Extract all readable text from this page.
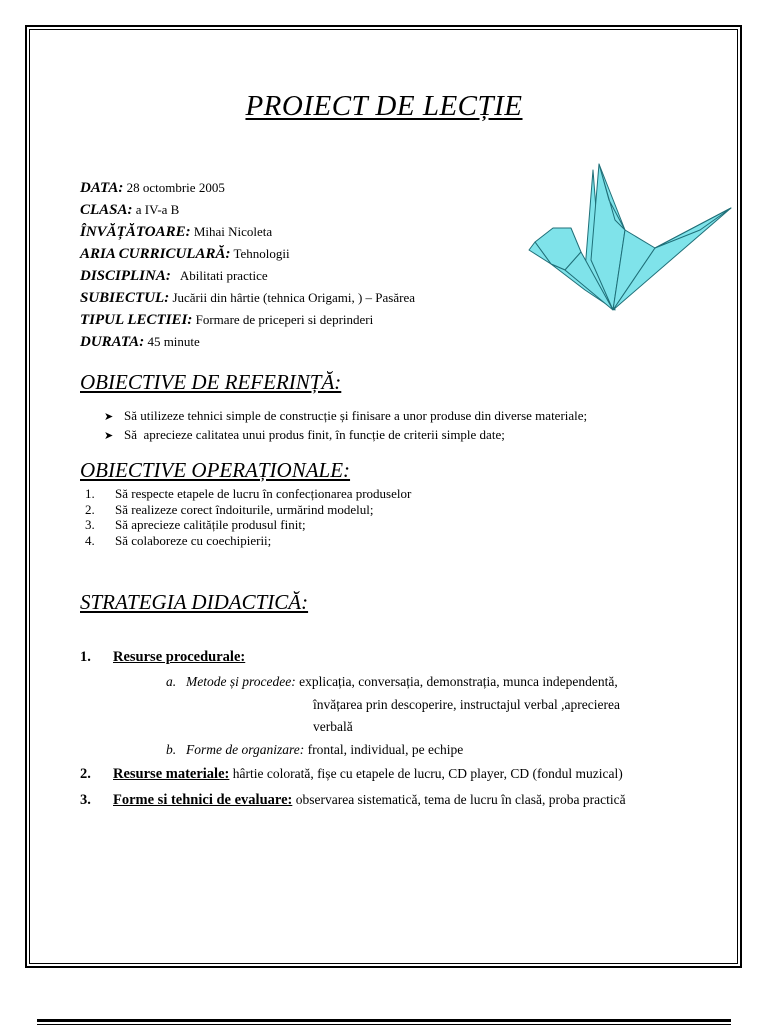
PROIECT DE LECȚIE
DATA: 28 octombrie 2005
CLASA: a IV-a B
ÎNVĂȚĂTOARE: Mihai Nicoleta
ARIA CURRICULARĂ: Tehnologii
DISCIPLINA:   Abilitati practice
SUBIECTUL: Jucării din hârtie (tehnica Origami, ) – Pasărea
TIPUL LECTIEI: Formare de priceperi si deprinderi
DURATA: 45 minute
OBIECTIVE DE REFERINȚĂ:
➤ Să utilizeze tehnici simple de construcție și finisare a unor produse din diverse materiale;
➤ Să  aprecieze calitatea unui produs finit, în funcție de criterii simple date;
OBIECTIVE OPERAȚIONALE:
1. Să respecte etapele de lucru în confecționarea produselor
2. Să realizeze corect îndoiturile, urmărind modelul;
3. Să aprecieze calitățile produsul finit;
4. Să colaboreze cu coechipierii;
STRATEGIA DIDACTICĂ:
1. Resurse procedurale:
a. Metode și procedee: explicația, conversația, demonstrația, munca independentă,
învățarea prin descoperire, instructajul verbal ,aprecierea
verbală
b. Forme de organizare: frontal, individual, pe echipe
2. Resurse materiale: hârtie colorată, fișe cu etapele de lucru, CD player, CD (fondul muzical)
3. Forme si tehnici de evaluare: observarea sistematică, tema de lucru în clasă, proba practică
